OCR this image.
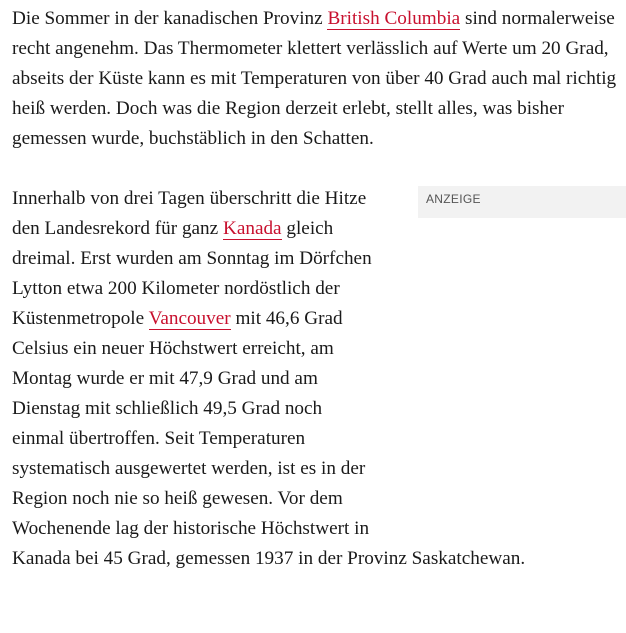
Die Sommer in der kanadischen Provinz British Columbia sind normalerweise recht angenehm. Das Thermometer klettert verlässlich auf Werte um 20 Grad, abseits der Küste kann es mit Temperaturen von über 40 Grad auch mal richtig heiß werden. Doch was die Region derzeit erlebt, stellt alles, was bisher gemessen wurde, buchstäblich in den Schatten.

ANZEIGE
Innerhalb von drei Tagen überschritt die Hitze den Landesrekord für ganz Kanada gleich dreimal. Erst wurden am Sonntag im Dörfchen Lytton etwa 200 Kilometer nordöstlich der Küstenmetropole Vancouver mit 46,6 Grad Celsius ein neuer Höchstwert erreicht, am Montag wurde er mit 47,9 Grad und am Dienstag mit schließlich 49,5 Grad noch einmal übertroffen. Seit Temperaturen systematisch ausgewertet werden, ist es in der Region noch nie so heiß gewesen. Vor dem Wochenende lag der historische Höchstwert in Kanada bei 45 Grad, gemessen 1937 in der Provinz Saskatchewan.
